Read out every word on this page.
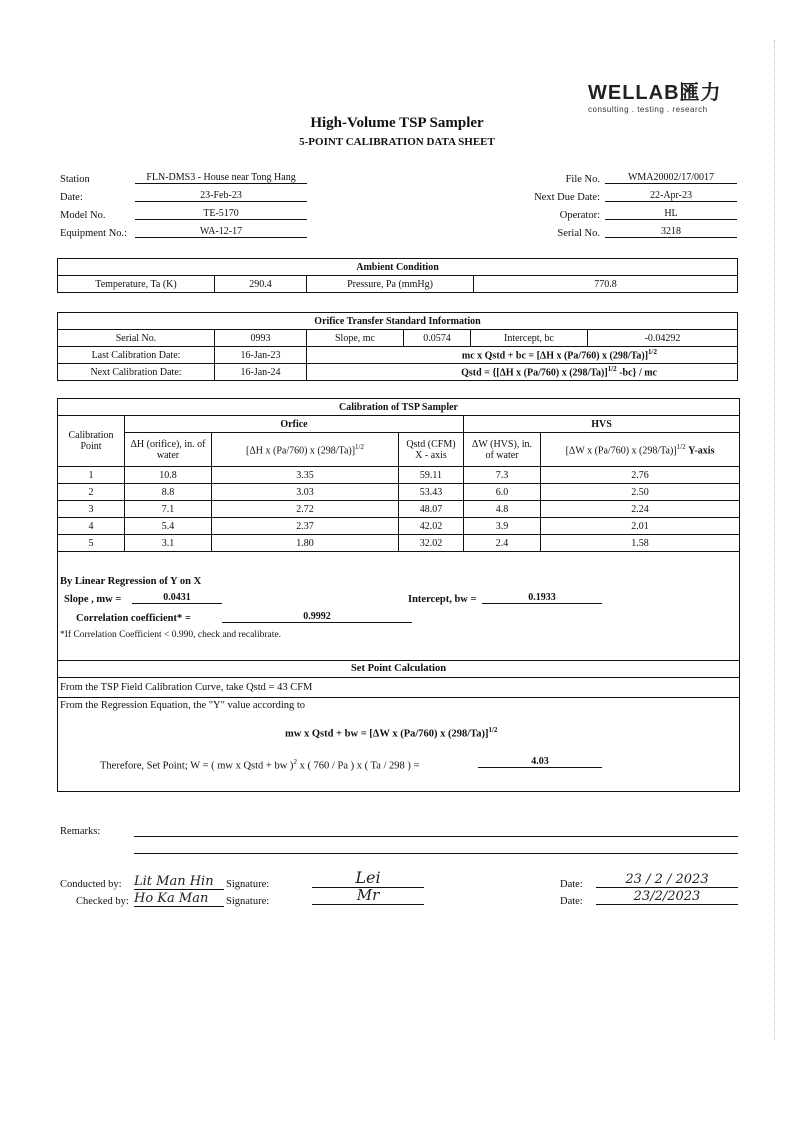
WELLAB匯力
consulting . testing . research
High-Volume TSP Sampler
5-POINT CALIBRATION DATA SHEET
Station	FLN-DMS3 - House near Tong Hang
Date:	23-Feb-23
Model No.	TE-5170
Equipment No.:	WA-12-17
File No.	WMA20002/17/0017
Next Due Date:	22-Apr-23
Operator:	HL
Serial No.	3218
Ambient Condition
Temperature, Ta (K)	290.4	Pressure, Pa (mmHg)	770.8
Orifice Transfer Standard Information					
Serial No.	0993	Slope, mc	0.0574	Intercept, bc	-0.04292
Last Calibration Date:	16-Jan-23	mc x Qstd + bc = [ΔH x (Pa/760) x (298/Ta)]$^{1/2}$
Next Calibration Date:	16-Jan-24	Qstd = {[ΔH x (Pa/760) x (298/Ta)]$^{1/2}$ -bc} / mc			
Calibration of TSP Sampler					
Calibration Point	Orfice			HVS	
	ΔH (orifice), in. of water	[ΔH x (Pa/760) x (298/Ta)]$^{1/2}$	Qstd (CFM) X - axis	ΔW (HVS), in. of water	[ΔW x (Pa/760) x (298/Ta)]$^{1/2}$ Y-axis
1	10.8	3.35	59.11	7.3	2.76
2	8.8	3.03	53.43	6.0	2.50
3	7.1	2.72	48.07	4.8	2.24
4	5.4	2.37	42.02	3.9	2.01
5	3.1	1.80	32.02	2.4	1.58
By Linear Regression of Y on X
Slope , mw =	0.0431	Intercept, bw =	0.1933
Correlation coefficient* =	0.9992
*If Correlation Coefficient < 0.990, check and recalibrate.
Set Point Calculation
From the TSP Field Calibration Curve, take Qstd = 43 CFM
From the Regression Equation, the "Y" value according to
mw x Qstd + bw = [ΔW x (Pa/760) x (298/Ta)]$^{1/2}$
Therefore, Set Point; W = ( mw x Qstd + bw )$^2$ x ( 760 / Pa ) x ( Ta / 298 ) =	4.03
Remarks:
Conducted by: Lit Man Hin	Signature:	Lei	Date:	23 / 2 / 2023
Checked by: Ho Ka Man	Signature:	Mr	Date:	23/2/2023
